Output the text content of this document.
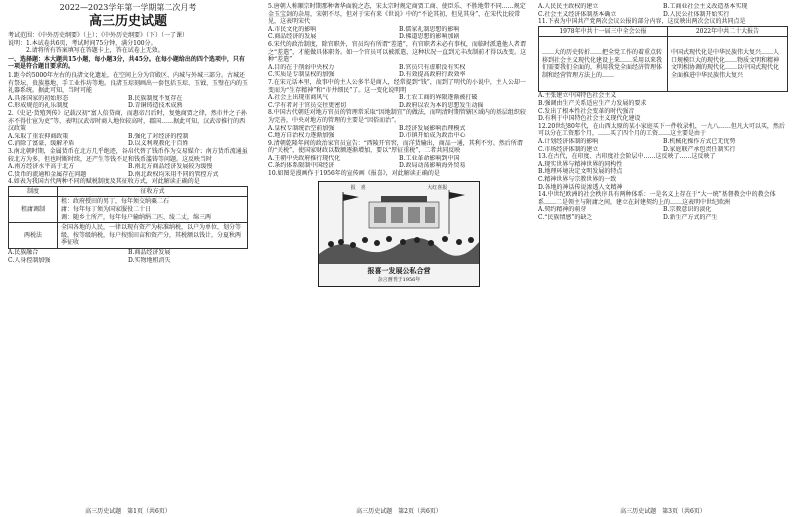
2022—2023学年第一学期第二次月考
高三历史试题

考试范围：《中外历史纲要》（上）；《中外历史纲要》（下）（一了课）

说明：1.本试卷共6页，考试时间75分钟，满分100分。

　　　2.请将所有答案填写在答题卡上，答在试卷上无效。

一、选择题：本大题共15小题，每小题3分，共45分。在每小题给出的四个选项中，只有一项是符合题目要求的。

1.距今约5000年左右的良渚文化遗址，在空间上分为宫殿区、内城与外城三部分。古城还有祭坛、贵族墓地、手工业作坊等地。良渚玉琮刻画出一套包括玉琮、玉钺、玉璧在内的玉礼器系统。据此可知，当时可能

A.具备国家的初始形态	B.民族制度不复存在
C.形成规范的礼乐制度	D.青铜铸造技术成熟

2.《史记·货殖列传》记载汉初“富人倍贷商，而惠帝吕后时，复弛商贾之律，然市井之子孙亦不得仕宦为吏”等，表明汉武帝时商人地位较高时，郡国……据此可知，汉武帝推行的西汉政策

A.采取了重农抑商政策	B.强化了对经济的控制
C.消除了富豪，缓解矛盾	D.以义利观教化于百姓

3.南北朝时期，金属货币在北方几乎绝迹，谷帛代替了钱币作为交易媒介；南方货币流通虽较北方为多，但也时断时续，还产生等钱不足和钱币滥铸等问题。这反映当时

A.南方经济水平高于北方	B.南北方商品经济发展较为缓慢
C.货币的流通和金属存在问题	D.南北政权均采用不同的管控方式

4.如表为我国古代两种不同的赋税制度及其征收方式，对此解读正确的是

制度	征收方式
租庸调制	租：政府授田的男丁，每年须交纳粟二石
庸：每年每丁须为国家服役二十日
调：随乡土所产，每年每户输纳绢二匹、绫二丈，绵三两
两税法	全国各地的人民，一律以现有资产为标准纳税，以户为单位，划分等级，按等级纳税，每户按照田亩和资产分，其税额以钱计，分夏秋两季征收
A.民族融合	B.商品经济发展
C.人身控制加强	D.实物地租消失
高三历史试题　第1页（共6页）

5.唐朝人称顺宗时期那种奢华面貌之态，宋太宗时规定商贾工商、使臣乐、不胜地带不同……规定金玉宝剑的杂用，宋朝不尽，但对于宋有来《世说》中的“不论其初，但见其身”，在宋代比较常见，这表明宋代

A.市民文化的影响	B.儒家礼制思想的影响
C.商品经济的发展	D.佛道思想的影响加剧

6.宋代的政治制度，除官职外，官员均有所谓“差遣”，有官职者未必有事权，而临时派遣他人者谓之“差遣”，才能做具体职务。如一个官员可以被派遣，这种状况一直到元丰改制前才得以改变。这种“差遣”

A.目的在于削弱中央权力	B.官员只有虚职没有实权
C.实质是专制皇权的加强	D.有效提高政府行政效率

7.在宋元话本里，故事中的主人公多半是商人，经常提到“钱”，而到了明代的小说中，主人公却一变而为“生存精神”和“市井细民”了。这一变化说明明

A.社会上出现重商风气	B.士农工商的界限逐渐被打破
C.学有者对于官员交往更密切	D.政府以农为本的思想发生动摇

8.中国古代朝廷对地方官员的管理常采取“因地制宜”的做法，而明清时期管辖区域内的基层组织较为完善，中央对地方的管理的主要是“因俗而治”。

A.皇权专制统治空前加强	B.经济发展影响治理模式
C.地方自治权力逐渐加强	D.市镇开始成为政治中心

9.清朝乾隆年间的政治家官员宣告：“西陵开官窖，而洋货输出，商品一通，其利不穷。然后所谓的“关税”，使国家财政以数额逐渐增加，要以“厚征重税”，二者共同反映

A.王朝中央政府推行现代化	B.工业革命影响到中国
C.条约体系限制中国经济	D.政局动荡影响海外贸易

10.如图是漫画作于1956年的宣传画《报喜》，对此解读正确的是

报　喜	大红喜报
报喜一发展公私合营
杂言画刊于1956年
高三历史试题　第2页（共6页）
A.人民民主政权的建立	B.工商业社会主义改造基本实现
C.社会主义经济体制基本确立	D.人民公社体制开始实行

11.下表为中国共产党两次会议公报的部分内容，这反映出两次会议的共同点是

1978年中共十一届三中全会公报	2022年中共二十大报告
……大的历史转折……把全党工作的着重点转移到社会主义现代化建设上来……采用以来我们需要我们全面的，利用我党全面经济管理体制和经营管理方法上的……	中国式现代化是中华民族伟大复兴……人口规模巨大的现代化……物质文明和精神文明相协调的现代化……以中国式现代化全面推进中华民族伟大复兴

A.主张建立中国特色社会主义

B.强调由生产关系适应生产力发展的要求

C.发出了根本性社会变革的时代强音

D.有利于中国特色社会主义现代化建设

12.20世纪80年代，在山西太原的某小家庭买下一件收录机，一九八……但凡大可以买，然后可以分在工资那个月，……买了四个月的工资……这主要是由于

A.计划经济体制的影响	B.机械化操作方式已无优势
C.市场经济体制的建立	D.家庭联产承包责任制实行

13.在古代，在印度、古印度社会阶层中……这反映了……这反映了

A.现实世界与精神世界的同构性

B.地理环境决定文明发展的特点

C.精神世界与宗教世界的一致

D.各地的神话传说渗透人文精神

14.中世纪欧洲的社会秩序具有两种体系：一是名义上存在于“大一统”基督教会中的教会体系……二是领主与附庸之间，建立在封建契约上的……这表明中世纪欧洲

A.契约精神的萌芽	B.宗教意识的淡化
C.“民族情感”的缺乏	D.新生产方式的产生
高三历史试题　第3页（共6页）
